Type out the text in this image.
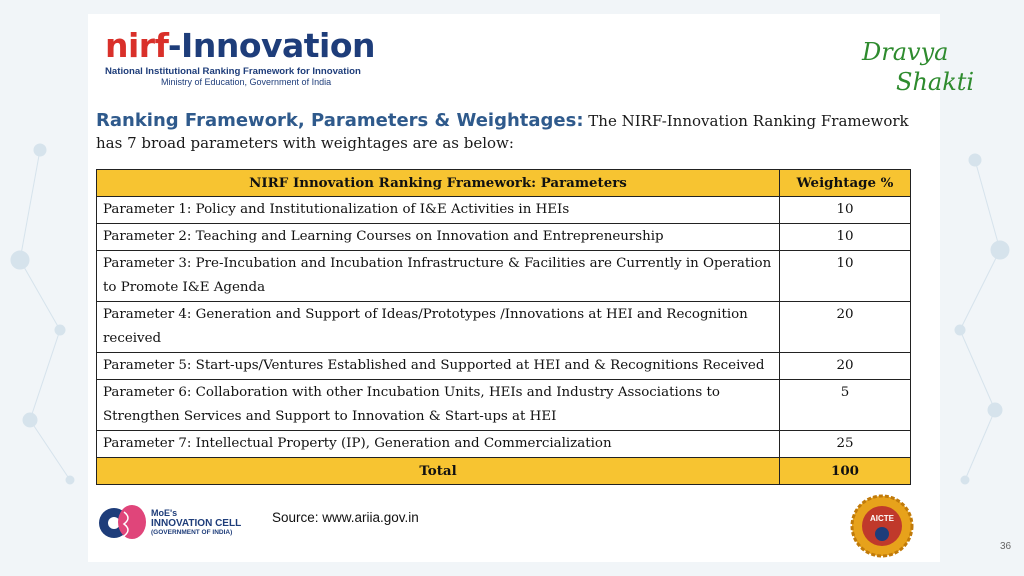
nirf-Innovation
National Institutional Ranking Framework for Innovation
Ministry of Education, Government of India
Dravya
Shakti
Ranking Framework, Parameters & Weightages: The NIRF-Innovation Ranking Framework has 7 broad parameters with weightages are as below:
NIRF Innovation Ranking Framework: Parameters	Weightage %
Parameter 1: Policy and Institutionalization of I&E Activities in HEIs	10
Parameter 2: Teaching and Learning Courses on Innovation and Entrepreneurship	10
Parameter 3: Pre-Incubation and Incubation Infrastructure & Facilities are Currently in Operation to Promote I&E Agenda	10
Parameter 4: Generation and Support of Ideas/Prototypes /Innovations at HEI and Recognition received	20
Parameter 5: Start-ups/Ventures Established and Supported at HEI and & Recognitions Received	20
Parameter 6: Collaboration with other Incubation Units, HEIs and Industry Associations to Strengthen Services and Support to Innovation & Start-ups at HEI	5
Parameter 7: Intellectual Property (IP), Generation and Commercialization	25
Total	100
MoE's
INNOVATION CELL
(GOVERNMENT OF INDIA)
Source: www.ariia.gov.in	AICTE
36
